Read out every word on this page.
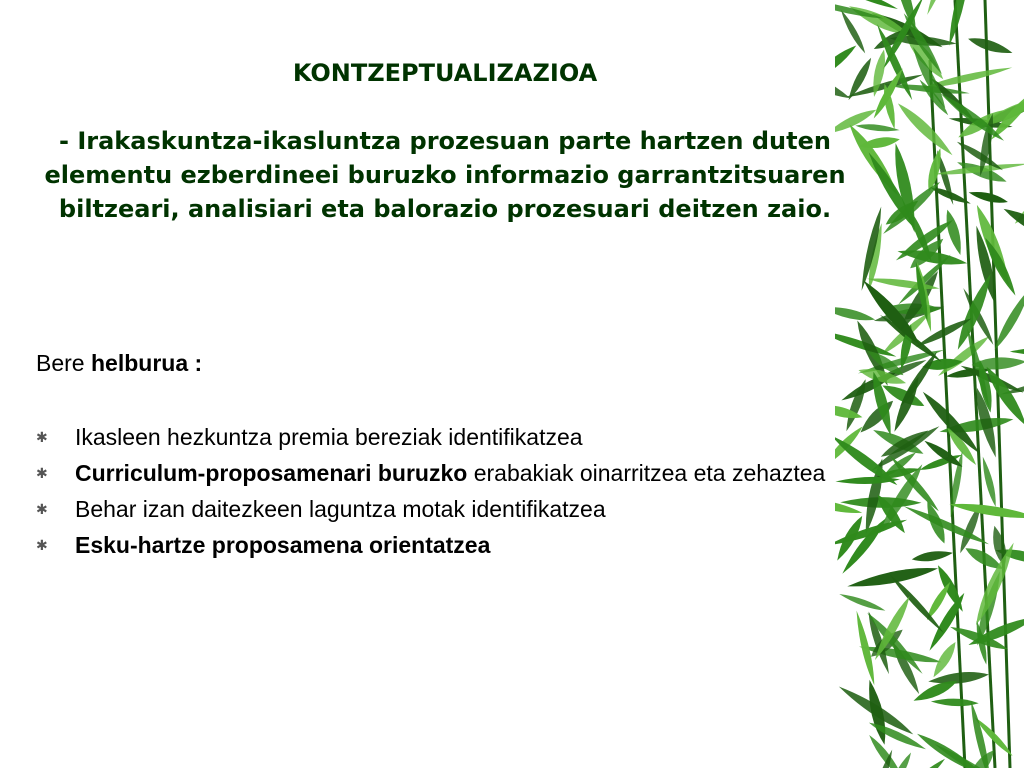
KONTZEPTUALIZAZIOA

- Irakaskuntza-ikasluntza prozesuan parte hartzen duten elementu ezberdineei buruzko informazio garrantzitsuaren biltzeari, analisiari eta balorazio prozesuari deitzen zaio.

Bere helburua :
✱ Ikasleen hezkuntza premia bereziak identifikatzea
✱ Curriculum-proposamenari buruzko erabakiak oinarritzea eta zehaztea
✱ Behar izan daitezkeen laguntza motak identifikatzea
✱ Esku-hartze proposamena orientatzea
